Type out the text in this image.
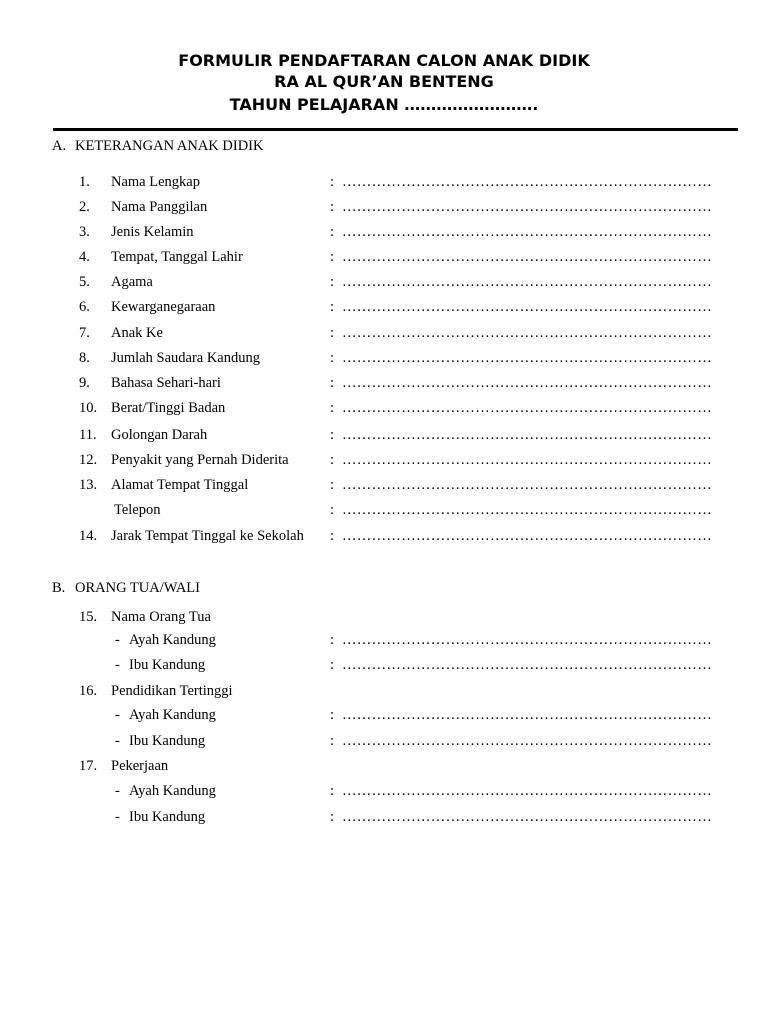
FORMULIR PENDAFTARAN CALON ANAK DIDIK
RA AL QUR’AN BENTENG
TAHUN PELAJARAN …………………….
A. KETERANGAN ANAK DIDIK
1. Nama Lengkap	: …………………………………………………………………
2. Nama Panggilan	: …………………………………………………………………
3. Jenis Kelamin	: …………………………………………………………………
4. Tempat, Tanggal Lahir	: …………………………………………………………………
5. Agama	: …………………………………………………………………
6. Kewarganegaraan	: …………………………………………………………………
7. Anak Ke	: …………………………………………………………………
8. Jumlah Saudara Kandung	: …………………………………………………………………
9. Bahasa Sehari-hari	: …………………………………………………………………
10. Berat/Tinggi Badan	: …………………………………………………………………
11. Golongan Darah	: …………………………………………………………………
12. Penyakit yang Pernah Diderita	: …………………………………………………………………
13. Alamat Tempat Tinggal	: …………………………………………………………………
Telepon	: …………………………………………………………………
14. Jarak Tempat Tinggal ke Sekolah : …………………………………………………………………
B. ORANG TUA/WALI
15. Nama Orang Tua
- Ayah Kandung	: …………………………………………………………………
- Ibu Kandung	: …………………………………………………………………
16. Pendidikan Tertinggi
- Ayah Kandung	: …………………………………………………………………
- Ibu Kandung	: …………………………………………………………………
17. Pekerjaan
- Ayah Kandung	: …………………………………………………………………
- Ibu Kandung	: …………………………………………………………………
